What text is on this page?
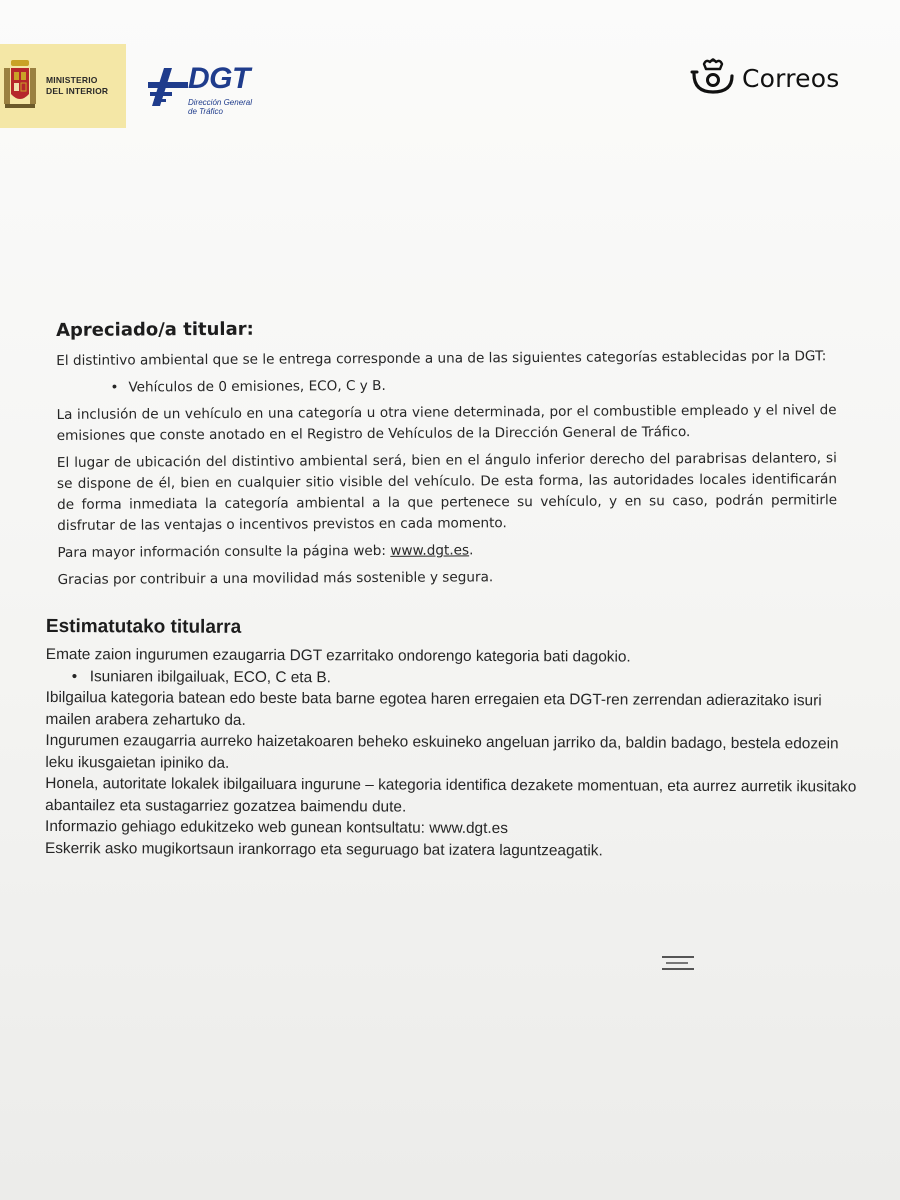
MINISTERIO
DEL INTERIOR	DGT
Dirección General
de Tráfico
Correos
Apreciado/a titular:

El distintivo ambiental que se le entrega corresponde a una de las siguientes categorías establecidas por la DGT:

• Vehículos de 0 emisiones, ECO, C y B.

La inclusión de un vehículo en una categoría u otra viene determinada, por el combustible empleado y el nivel de emisiones que conste anotado en el Registro de Vehículos de la Dirección General de Tráfico.

El lugar de ubicación del distintivo ambiental será, bien en el ángulo inferior derecho del parabrisas delantero, si se dispone de él, bien en cualquier sitio visible del vehículo. De esta forma, las autoridades locales identificarán de forma inmediata la categoría ambiental a la que pertenece su vehículo, y en su caso, podrán permitirle disfrutar de las ventajas o incentivos previstos en cada momento.

Para mayor información consulte la página web: www.dgt.es.

Gracias por contribuir a una movilidad más sostenible y segura.

Estimatutako titularra

Emate zaion ingurumen ezaugarria DGT ezarritako ondorengo kategoria bati dagokio.

• Isuniaren ibilgailuak, ECO, C eta B.

Ibilgailua kategoria batean edo beste bata barne egotea haren erregaien eta DGT-ren zerrendan adierazitako isuri mailen arabera zehartuko da.

Ingurumen ezaugarria aurreko haizetakoaren beheko eskuineko angeluan jarriko da, baldin badago, bestela edozein leku ikusgaietan ipiniko da.

Honela, autoritate lokalek ibilgailuara ingurune – kategoria identifica dezakete momentuan, eta aurrez aurretik ikusitako abantailez eta sustagarriez gozatzea baimendu dute.

Informazio gehiago edukitzeko web gunean kontsultatu: www.dgt.es

Eskerrik asko mugikortsaun irankorrago eta seguruago bat izatera laguntzeagatik.
